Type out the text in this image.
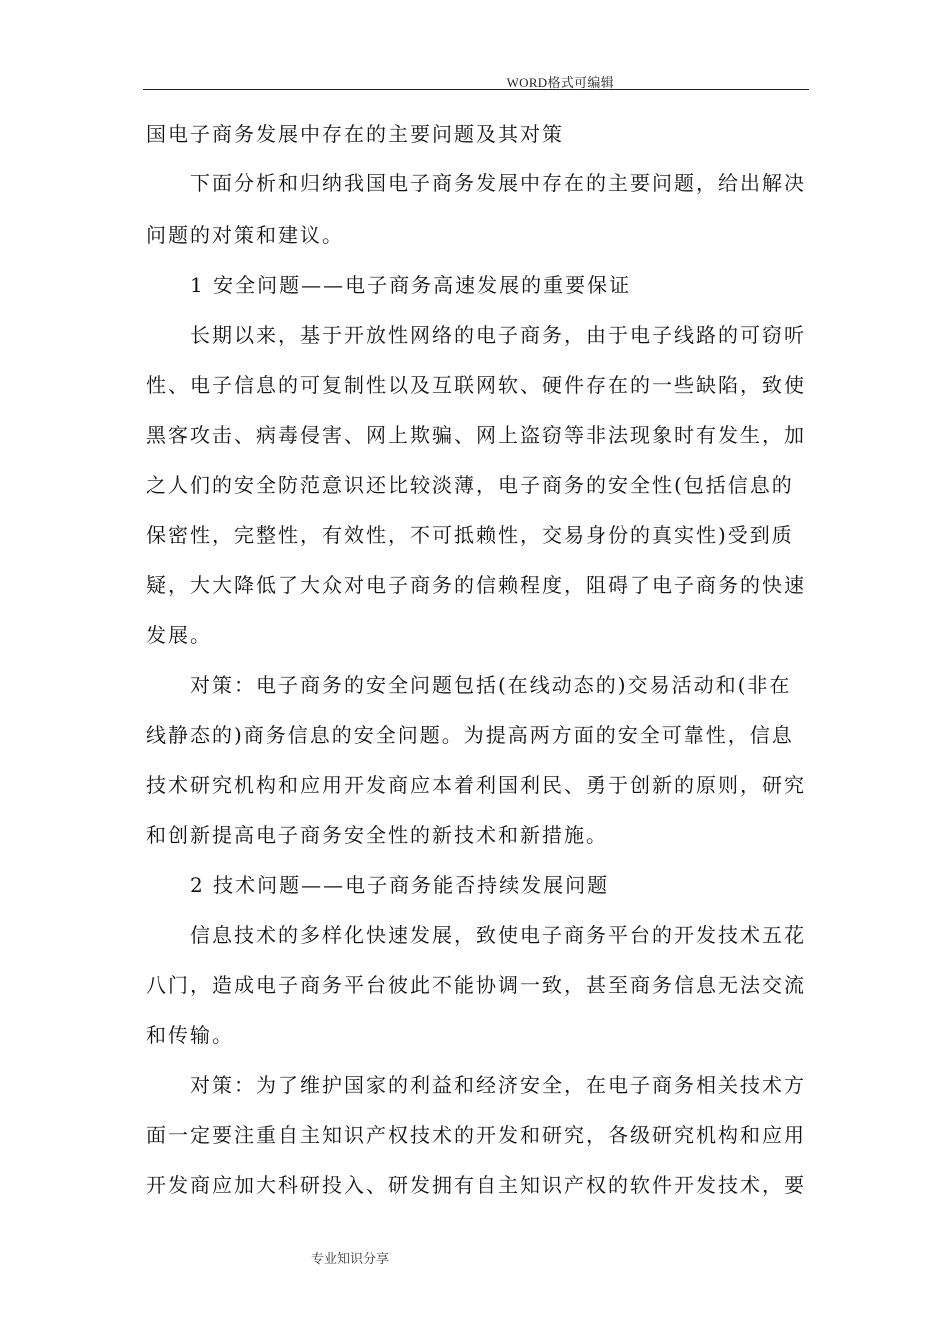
WORD格式可编辑
国电子商务发展中存在的主要问题及其对策
下面分析和归纳我国电子商务发展中存在的主要问题，给出解决
问题的对策和建议。
1 安全问题——电子商务高速发展的重要保证
长期以来，基于开放性网络的电子商务，由于电子线路的可窃听
性、电子信息的可复制性以及互联网软、硬件存在的一些缺陷，致使
黑客攻击、病毒侵害、网上欺骗、网上盗窃等非法现象时有发生，加
之人们的安全防范意识还比较淡薄，电子商务的安全性(包括信息的
保密性，完整性，有效性，不可抵赖性，交易身份的真实性)受到质
疑，大大降低了大众对电子商务的信赖程度，阻碍了电子商务的快速
发展。
对策：电子商务的安全问题包括(在线动态的)交易活动和(非在
线静态的)商务信息的安全问题。为提高两方面的安全可靠性，信息
技术研究机构和应用开发商应本着利国利民、勇于创新的原则，研究
和创新提高电子商务安全性的新技术和新措施。
2 技术问题——电子商务能否持续发展问题
信息技术的多样化快速发展，致使电子商务平台的开发技术五花
八门，造成电子商务平台彼此不能协调一致，甚至商务信息无法交流
和传输。
对策：为了维护国家的利益和经济安全，在电子商务相关技术方
面一定要注重自主知识产权技术的开发和研究，各级研究机构和应用
开发商应加大科研投入、研发拥有自主知识产权的软件开发技术，要
专业知识分享
